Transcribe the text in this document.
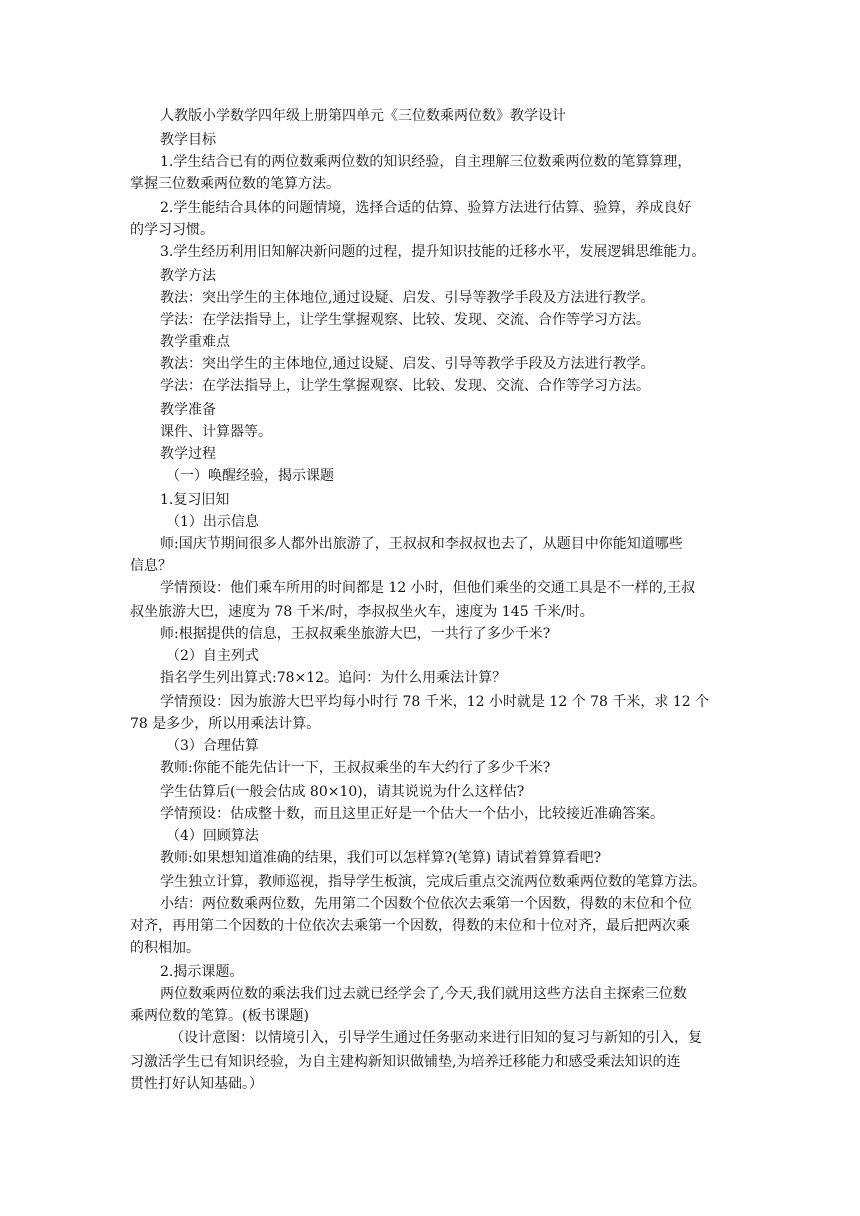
人教版小学数学四年级上册第四单元《三位数乘两位数》教学设计
教学目标
1.学生结合已有的两位数乘两位数的知识经验，自主理解三位数乘两位数的笔算算理，
掌握三位数乘两位数的笔算方法。
2.学生能结合具体的问题情境，选择合适的估算、验算方法进行估算、验算，养成良好
的学习习惯。
3.学生经历利用旧知解决新问题的过程，提升知识技能的迁移水平，发展逻辑思维能力。
教学方法
教法：突出学生的主体地位,通过设疑、启发、引导等教学手段及方法进行教学。
学法：在学法指导上，让学生掌握观察、比较、发现、交流、合作等学习方法。
教学重难点
教法：突出学生的主体地位,通过设疑、启发、引导等教学手段及方法进行教学。
学法：在学法指导上，让学生掌握观察、比较、发现、交流、合作等学习方法。
教学准备
课件、计算器等。
教学过程
（一）唤醒经验，揭示课题
1.复习旧知
（1）出示信息
师:国庆节期间很多人都外出旅游了，王叔叔和李叔叔也去了，从题目中你能知道哪些
信息？
学情预设：他们乘车所用的时间都是 12 小时，但他们乘坐的交通工具是不一样的,王叔
叔坐旅游大巴，速度为 78 千米/时，李叔叔坐火车，速度为 145 千米/时。
师:根据提供的信息，王叔叔乘坐旅游大巴，一共行了多少千米?
（2）自主列式
指名学生列出算式:78×12。追问：为什么用乘法计算？
学情预设：因为旅游大巴平均每小时行 78 千米，12 小时就是 12 个 78 千米，求 12 个
78 是多少，所以用乘法计算。
（3）合理估算
教师:你能不能先估计一下，王叔叔乘坐的车大约行了多少千米?
学生估算后(一般会估成 80×10)，请其说说为什么这样估?
学情预设：估成整十数，而且这里正好是一个估大一个估小，比较接近准确答案。
（4）回顾算法
教师:如果想知道准确的结果，我们可以怎样算?(笔算) 请试着算算看吧?
学生独立计算，教师巡视，指导学生板演，完成后重点交流两位数乘两位数的笔算方法。
小结：两位数乘两位数，先用第二个因数个位依次去乘第一个因数，得数的末位和个位
对齐，再用第二个因数的十位依次去乘第一个因数，得数的末位和十位对齐，最后把两次乘
的积相加。
2.揭示课题。
两位数乘两位数的乘法我们过去就已经学会了,今天,我们就用这些方法自主探索三位数
乘两位数的笔算。(板书课题)
（设计意图：以情境引入，引导学生通过任务驱动来进行旧知的复习与新知的引入，复
习激活学生已有知识经验，为自主建构新知识做铺垫,为培养迁移能力和感受乘法知识的连
贯性打好认知基础。）
